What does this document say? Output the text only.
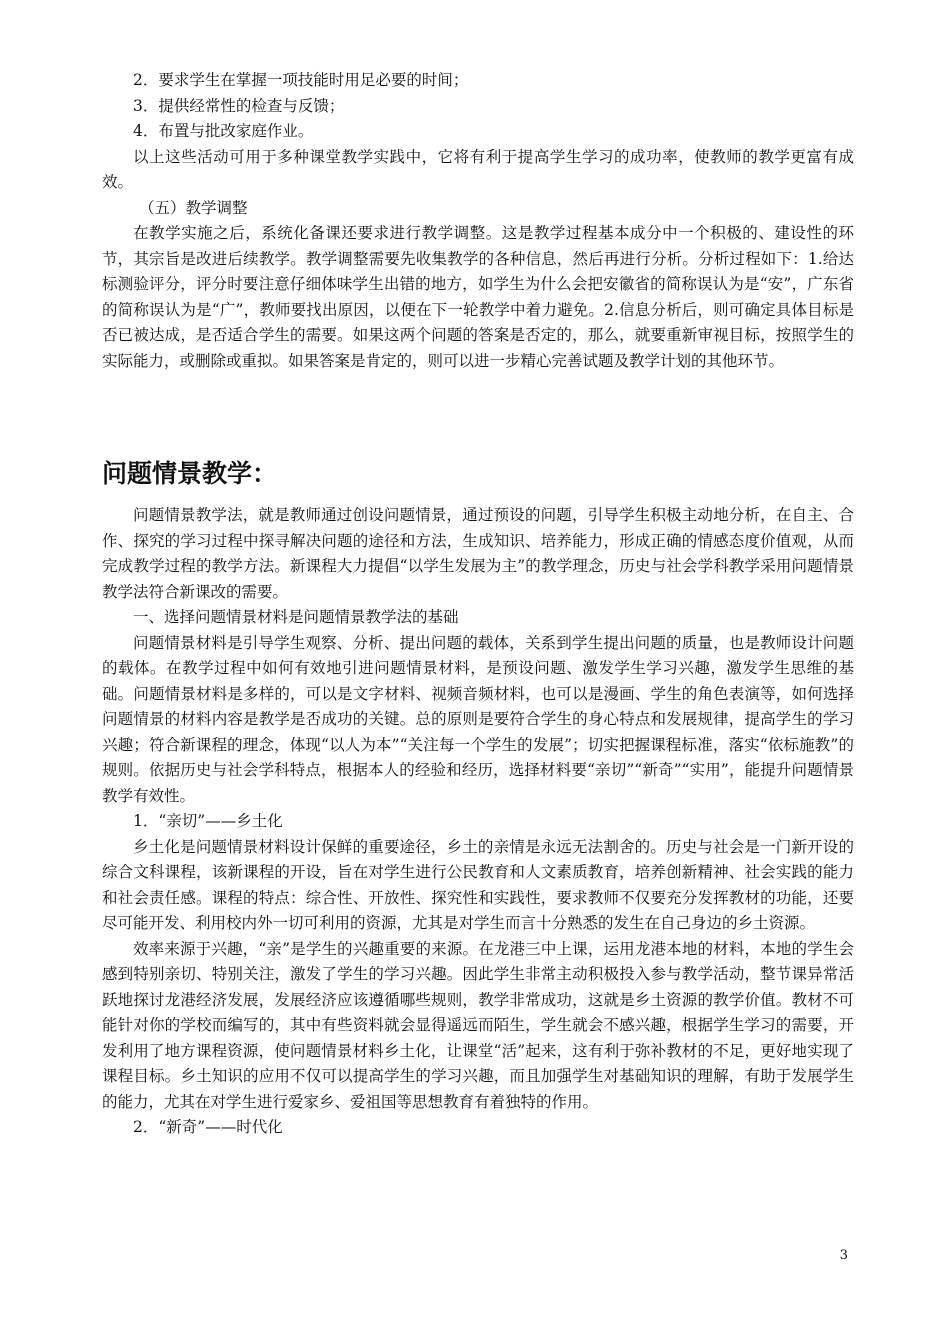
2．要求学生在掌握一项技能时用足必要的时间；
3．提供经常性的检查与反馈；
4．布置与批改家庭作业。
以上这些活动可用于多种课堂教学实践中，它将有利于提高学生学习的成功率，使教师的教学更富有成效。
（五）教学调整
在教学实施之后，系统化备课还要求进行教学调整。这是教学过程基本成分中一个积极的、建设性的环节，其宗旨是改进后续教学。教学调整需要先收集教学的各种信息，然后再进行分析。分析过程如下：1.给达标测验评分，评分时要注意仔细体味学生出错的地方，如学生为什么会把安徽省的简称误认为是“安”，广东省的简称误认为是“广”，教师要找出原因，以便在下一轮教学中着力避免。2.信息分析后，则可确定具体目标是否已被达成，是否适合学生的需要。如果这两个问题的答案是否定的，那么，就要重新审视目标，按照学生的实际能力，或删除或重拟。如果答案是肯定的，则可以进一步精心完善试题及教学计划的其他环节。
问题情景教学：
问题情景教学法，就是教师通过创设问题情景，通过预设的问题，引导学生积极主动地分析，在自主、合作、探究的学习过程中探寻解决问题的途径和方法，生成知识、培养能力，形成正确的情感态度价值观，从而完成教学过程的教学方法。新课程大力提倡“以学生发展为主”的教学理念，历史与社会学科教学采用问题情景教学法符合新课改的需要。
一、选择问题情景材料是问题情景教学法的基础
问题情景材料是引导学生观察、分析、提出问题的载体，关系到学生提出问题的质量，也是教师设计问题的载体。在教学过程中如何有效地引进问题情景材料，是预设问题、激发学生学习兴趣，激发学生思维的基础。问题情景材料是多样的，可以是文字材料、视频音频材料，也可以是漫画、学生的角色表演等，如何选择问题情景的材料内容是教学是否成功的关键。总的原则是要符合学生的身心特点和发展规律，提高学生的学习兴趣；符合新课程的理念，体现“以人为本”“关注每一个学生的发展”；切实把握课程标准，落实“依标施教”的规则。依据历史与社会学科特点，根据本人的经验和经历，选择材料要“亲切”“新奇”“实用”，能提升问题情景教学有效性。
1．“亲切”——乡土化
乡土化是问题情景材料设计保鲜的重要途径，乡土的亲情是永远无法割舍的。历史与社会是一门新开设的综合文科课程，该新课程的开设，旨在对学生进行公民教育和人文素质教育，培养创新精神、社会实践的能力和社会责任感。课程的特点：综合性、开放性、探究性和实践性，要求教师不仅要充分发挥教材的功能，还要尽可能开发、利用校内外一切可利用的资源，尤其是对学生而言十分熟悉的发生在自己身边的乡土资源。
效率来源于兴趣，“亲”是学生的兴趣重要的来源。在龙港三中上课，运用龙港本地的材料，本地的学生会感到特别亲切、特别关注，激发了学生的学习兴趣。因此学生非常主动积极投入参与教学活动，整节课异常活跃地探讨龙港经济发展，发展经济应该遵循哪些规则，教学非常成功，这就是乡土资源的教学价值。教材不可能针对你的学校而编写的，其中有些资料就会显得遥远而陌生，学生就会不感兴趣，根据学生学习的需要，开发利用了地方课程资源，使问题情景材料乡土化，让课堂“活”起来，这有利于弥补教材的不足，更好地实现了课程目标。乡土知识的应用不仅可以提高学生的学习兴趣，而且加强学生对基础知识的理解，有助于发展学生的能力，尤其在对学生进行爱家乡、爱祖国等思想教育有着独特的作用。
2．“新奇”——时代化
3
